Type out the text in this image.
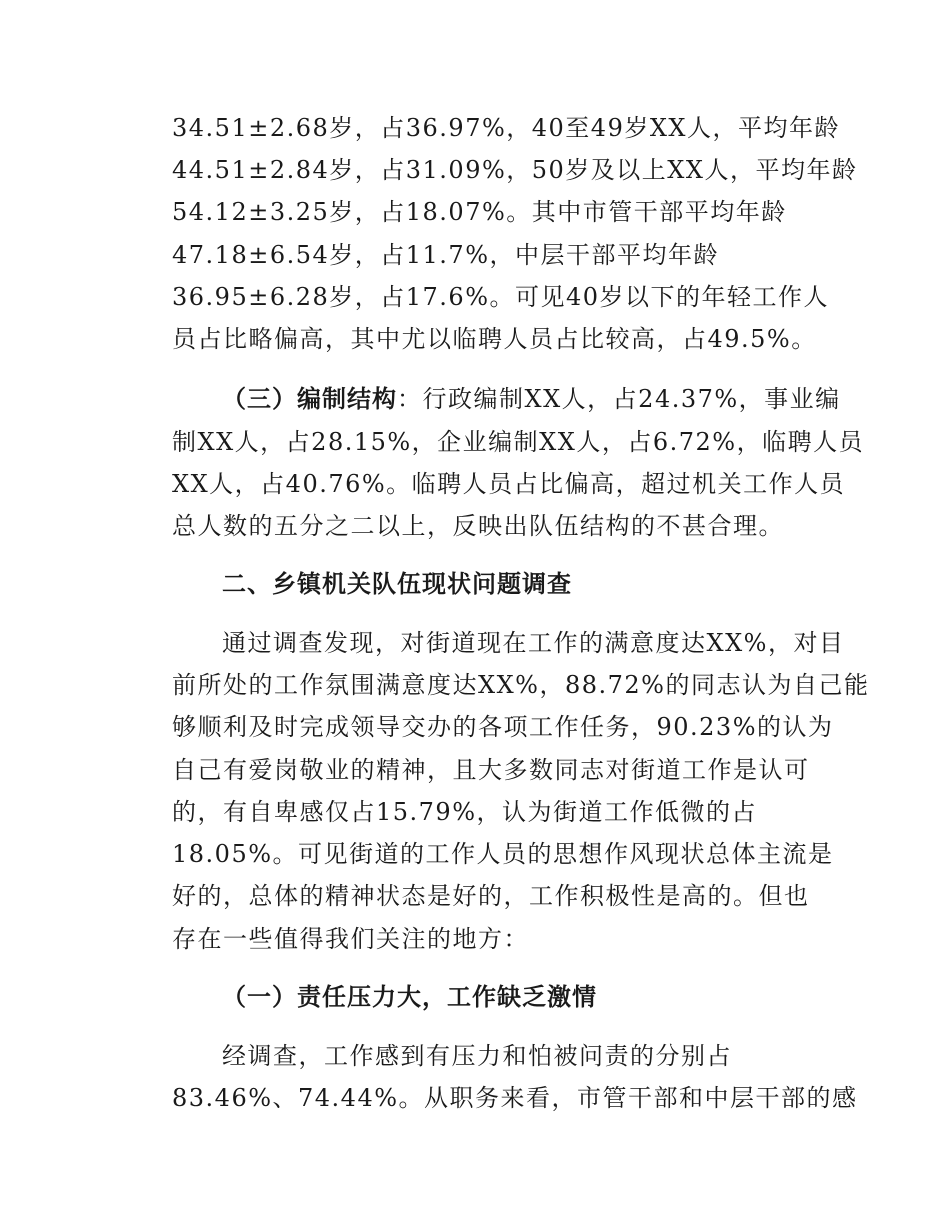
34.51±2.68岁，占36.97%，40至49岁XX人，平均年龄
44.51±2.84岁，占31.09%，50岁及以上XX人，平均年龄
54.12±3.25岁，占18.07%。其中市管干部平均年龄
47.18±6.54岁，占11.7%，中层干部平均年龄
36.95±6.28岁，占17.6%。可见40岁以下的年轻工作人
员占比略偏高，其中尤以临聘人员占比较高，占49.5%。
（三）编制结构：行政编制XX人，占24.37%，事业编
制XX人，占28.15%，企业编制XX人，占6.72%，临聘人员
XX人，占40.76%。临聘人员占比偏高，超过机关工作人员
总人数的五分之二以上，反映出队伍结构的不甚合理。
二、乡镇机关队伍现状问题调查
通过调查发现，对街道现在工作的满意度达XX%，对目
前所处的工作氛围满意度达XX%，88.72%的同志认为自己能
够顺利及时完成领导交办的各项工作任务，90.23%的认为
自己有爱岗敬业的精神，且大多数同志对街道工作是认可
的，有自卑感仅占15.79%，认为街道工作低微的占
18.05%。可见街道的工作人员的思想作风现状总体主流是
好的，总体的精神状态是好的，工作积极性是高的。但也
存在一些值得我们关注的地方：
（一）责任压力大，工作缺乏激情
经调查，工作感到有压力和怕被问责的分别占
83.46%、74.44%。从职务来看，市管干部和中层干部的感
